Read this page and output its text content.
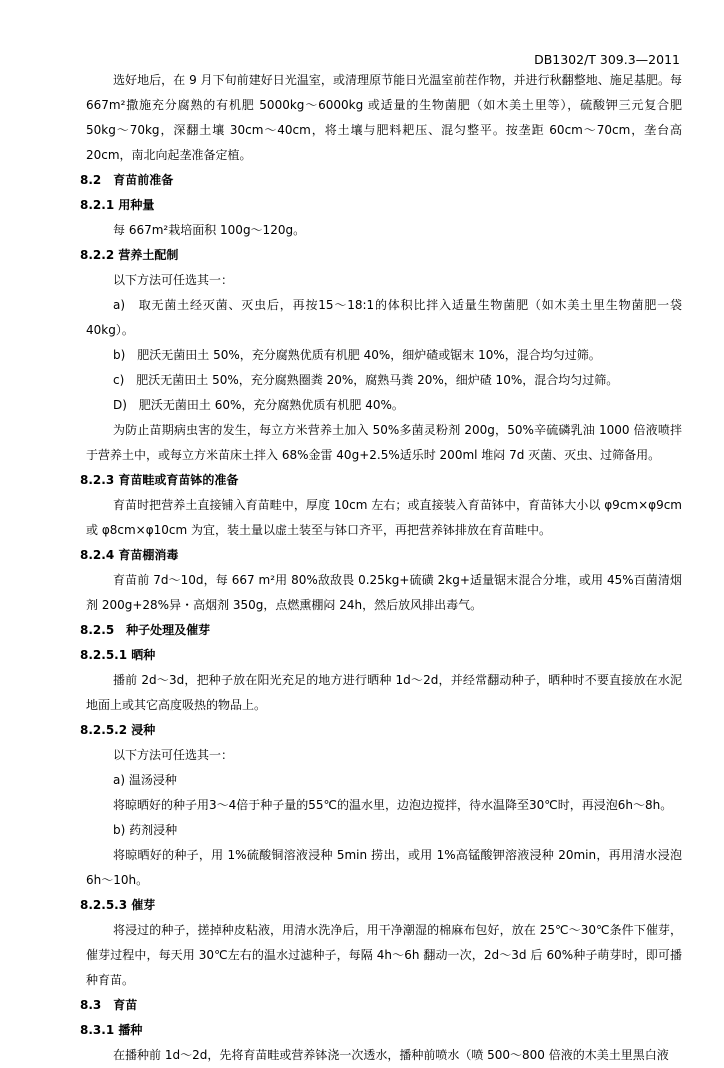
DB1302/T 309.3—2011

选好地后，在 9 月下旬前建好日光温室，或清理原节能日光温室前茬作物，并进行秋翻整地、施足基肥。每 667m²撒施充分腐熟的有机肥 5000kg～6000kg 或适量的生物菌肥（如木美土里等），硫酸钾三元复合肥 50kg～70kg，深翻土壤 30cm～40cm，将土壤与肥料耙压、混匀整平。按垄距 60cm～70cm，垄台高 20cm，南北向起垄准备定植。

8.2　育苗前准备

8.2.1 用种量

每 667m²栽培面积 100g～120g。

8.2.2 营养土配制

以下方法可任选其一：

a)　取无菌土经灭菌、灭虫后，再按15～18:1的体积比拌入适量生物菌肥（如木美土里生物菌肥一袋40kg）。

b)　肥沃无菌田土 50%，充分腐熟优质有机肥 40%，细炉碴或锯末 10%，混合均匀过筛。

c)　肥沃无菌田土 50%，充分腐熟圈粪 20%，腐熟马粪 20%，细炉碴 10%，混合均匀过筛。

D)　肥沃无菌田土 60%，充分腐熟优质有机肥 40%。

为防止苗期病虫害的发生，每立方米营养土加入 50%多菌灵粉剂 200g，50%辛硫磷乳油 1000 倍液喷拌于营养土中，或每立方米苗床土拌入 68%金雷 40g+2.5%适乐时 200ml 堆闷 7d 灭菌、灭虫、过筛备用。

8.2.3 育苗畦或育苗钵的准备

育苗时把营养土直接铺入育苗畦中，厚度 10cm 左右；或直接装入育苗钵中，育苗钵大小以 φ9cm×φ9cm 或 φ8cm×φ10cm 为宜，装土量以虚土装至与钵口齐平，再把营养钵排放在育苗畦中。

8.2.4 育苗棚消毒

育苗前 7d～10d，每 667 m²用 80%敌敌畏 0.25kg+硫磺 2kg+适量锯末混合分堆，或用 45%百菌清烟剂 200g+28%异・高烟剂 350g，点燃熏棚闷 24h，然后放风排出毒气。

8.2.5　种子处理及催芽

8.2.5.1 晒种

播前 2d～3d，把种子放在阳光充足的地方进行晒种 1d～2d，并经常翻动种子，晒种时不要直接放在水泥地面上或其它高度吸热的物品上。

8.2.5.2 浸种

以下方法可任选其一：

a) 温汤浸种

将晾晒好的种子用3～4倍于种子量的55℃的温水里，边泡边搅拌，待水温降至30℃时，再浸泡6h～8h。

b) 药剂浸种

将晾晒好的种子，用 1%硫酸铜溶液浸种 5min 捞出，或用 1%高锰酸钾溶液浸种 20min，再用清水浸泡6h～10h。

8.2.5.3 催芽

将浸过的种子，搓掉种皮粘液，用清水洗净后，用干净潮湿的棉麻布包好，放在 25℃～30℃条件下催芽，催芽过程中，每天用 30℃左右的温水过滤种子，每隔 4h～6h 翻动一次，2d～3d 后 60%种子萌芽时，即可播种育苗。

8.3　育苗

8.3.1 播种

在播种前 1d～2d，先将育苗畦或营养钵浇一次透水，播种前喷水（喷 500～800 倍液的木美土里黑白液
